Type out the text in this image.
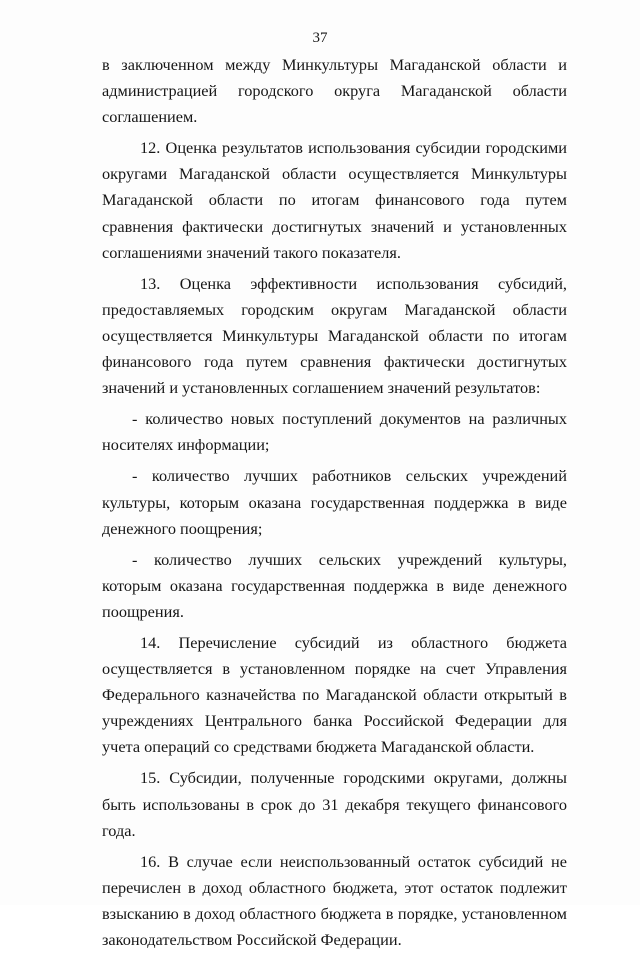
37

в заключенном между Минкультуры Магаданской области и администрацией городского округа Магаданской области соглашением.

12. Оценка результатов использования субсидии городскими округами Магаданской области осуществляется Минкультуры Магаданской области по итогам финансового года путем сравнения фактически достигнутых значений и установленных соглашениями значений такого показателя.

13. Оценка эффективности использования субсидий, предоставляемых городским округам Магаданской области осуществляется Минкультуры Магаданской области по итогам финансового года путем сравнения фактически достигнутых значений и установленных соглашением значений результатов:

- количество новых поступлений документов на различных носителях информации;

- количество лучших работников сельских учреждений культуры, которым оказана государственная поддержка в виде денежного поощрения;

- количество лучших сельских учреждений культуры, которым оказана государственная поддержка в виде денежного поощрения.

14. Перечисление субсидий из областного бюджета осуществляется в установленном порядке на счет Управления Федерального казначейства по Магаданской области открытый в учреждениях Центрального банка Российской Федерации для учета операций со средствами бюджета Магаданской области.

15. Субсидии, полученные городскими округами, должны быть использованы в срок до 31 декабря текущего финансового года.

16. В случае если неиспользованный остаток субсидий не перечислен в доход областного бюджета, этот остаток подлежит взысканию в доход областного бюджета в порядке, установленном законодательством Российской Федерации.
